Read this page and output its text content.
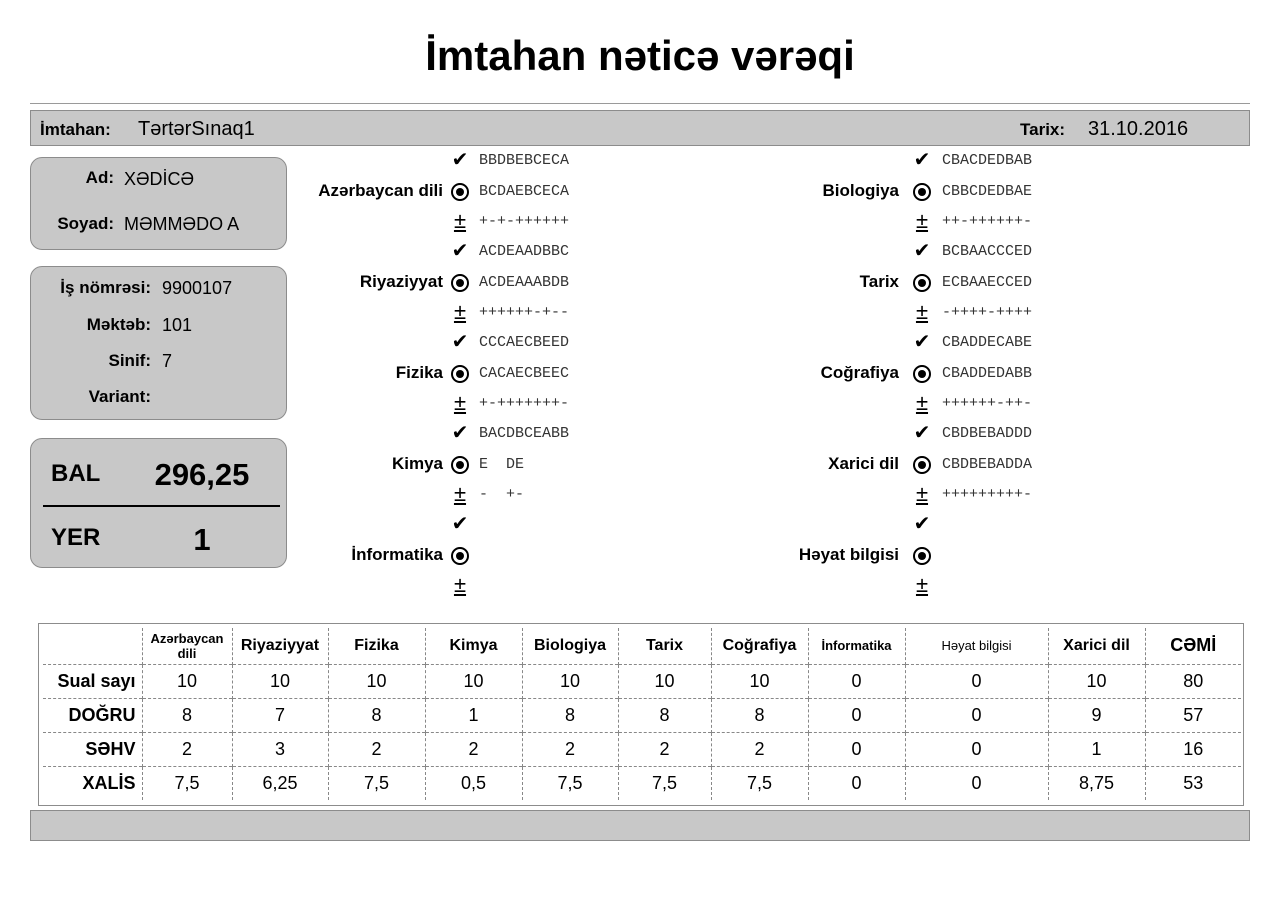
İmtahan nəticə vərəqi
İmtahan: TərtərSınaq1	Tarix: 31.10.2016
Ad: XƏDİCƏ
Soyad: MƏMMƏDO A
İş nömrəsi: 9900107
Məktəb: 101
Sinif: 7
Variant:
BAL	296,25
YER	1
Azərbaycan dili
✔
±
BBDBEBCECA
BCDAEBCECA
+-+-++++++
Riyaziyyat
✔
±
ACDEAADBBC
ACDEAAABDB
++++++-+--
Fizika
✔
±
CCCAECBEED
CACAECBEEC
+-+++++++-
Kimya
✔
±
BACDBCEABB
E  DE
-  +-
İnformatika
✔
±
Biologiya
✔
±
CBACDEDBAB
CBBCDEDBAE
++-++++++-
Tarix
✔
±
BCBAACCCED
ECBAAECCED
-++++-++++
Coğrafiya
✔
±
CBADDECABE
CBADDEDABB
++++++-++-
Xarici dil
✔
±
CBDBEBADDD
CBDBEBADDA
+++++++++-
Həyat bilgisi
✔
±
	Azərbaycan dili	Riyaziyyat	Fizika	Kimya	Biologiya	Tarix	Coğrafiya	İnformatika	Həyat bilgisi	Xarici dil	CƏMİ
Sual sayı	10	10	10	10	10	10	10	0	0	10	80
DOĞRU	8	7	8	1	8	8	8	0	0	9	57
SƏHV	2	3	2	2	2	2	2	0	0	1	16
XALİS	7,5	6,25	7,5	0,5	7,5	7,5	7,5	0	0	8,75	53
